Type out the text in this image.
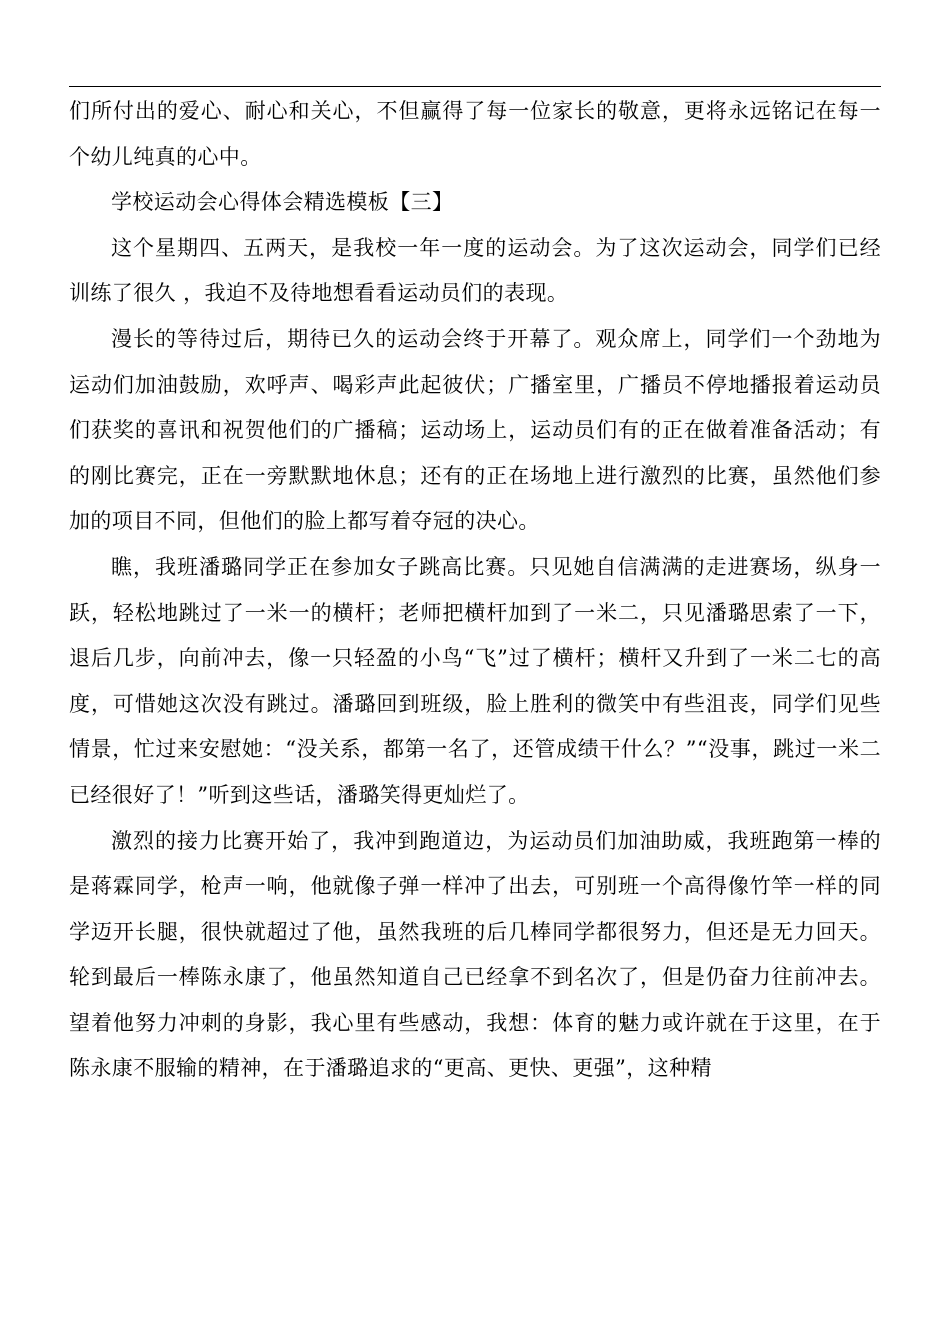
们所付出的爱心、耐心和关心，不但赢得了每一位家长的敬意，更将永远铭记在每一个幼儿纯真的心中。

学校运动会心得体会精选模板【三】

这个星期四、五两天，是我校一年一度的运动会。为了这次运动会，同学们已经训练了很久 ，我迫不及待地想看看运动员们的表现。

漫长的等待过后，期待已久的运动会终于开幕了。观众席上，同学们一个劲地为运动们加油鼓励，欢呼声、喝彩声此起彼伏；广播室里，广播员不停地播报着运动员们获奖的喜讯和祝贺他们的广播稿；运动场上，运动员们有的正在做着准备活动；有的刚比赛完，正在一旁默默地休息；还有的正在场地上进行激烈的比赛，虽然他们参加的项目不同，但他们的脸上都写着夺冠的决心。

瞧，我班潘璐同学正在参加女子跳高比赛。只见她自信满满的走进赛场，纵身一跃，轻松地跳过了一米一的横杆；老师把横杆加到了一米二，只见潘璐思索了一下，退后几步，向前冲去，像一只轻盈的小鸟“飞”过了横杆；横杆又升到了一米二七的高度，可惜她这次没有跳过。潘璐回到班级，脸上胜利的微笑中有些沮丧，同学们见些情景，忙过来安慰她：“没关系，都第一名了，还管成绩干什么？”“没事，跳过一米二已经很好了！”听到这些话，潘璐笑得更灿烂了。

激烈的接力比赛开始了，我冲到跑道边，为运动员们加油助威，我班跑第一棒的是蒋霖同学，枪声一响，他就像子弹一样冲了出去，可别班一个高得像竹竿一样的同学迈开长腿，很快就超过了他，虽然我班的后几棒同学都很努力，但还是无力回天。轮到最后一棒陈永康了，他虽然知道自己已经拿不到名次了，但是仍奋力往前冲去。望着他努力冲刺的身影，我心里有些感动，我想：体育的魅力或许就在于这里，在于陈永康不服输的精神，在于潘璐追求的“更高、更快、更强”，这种精
